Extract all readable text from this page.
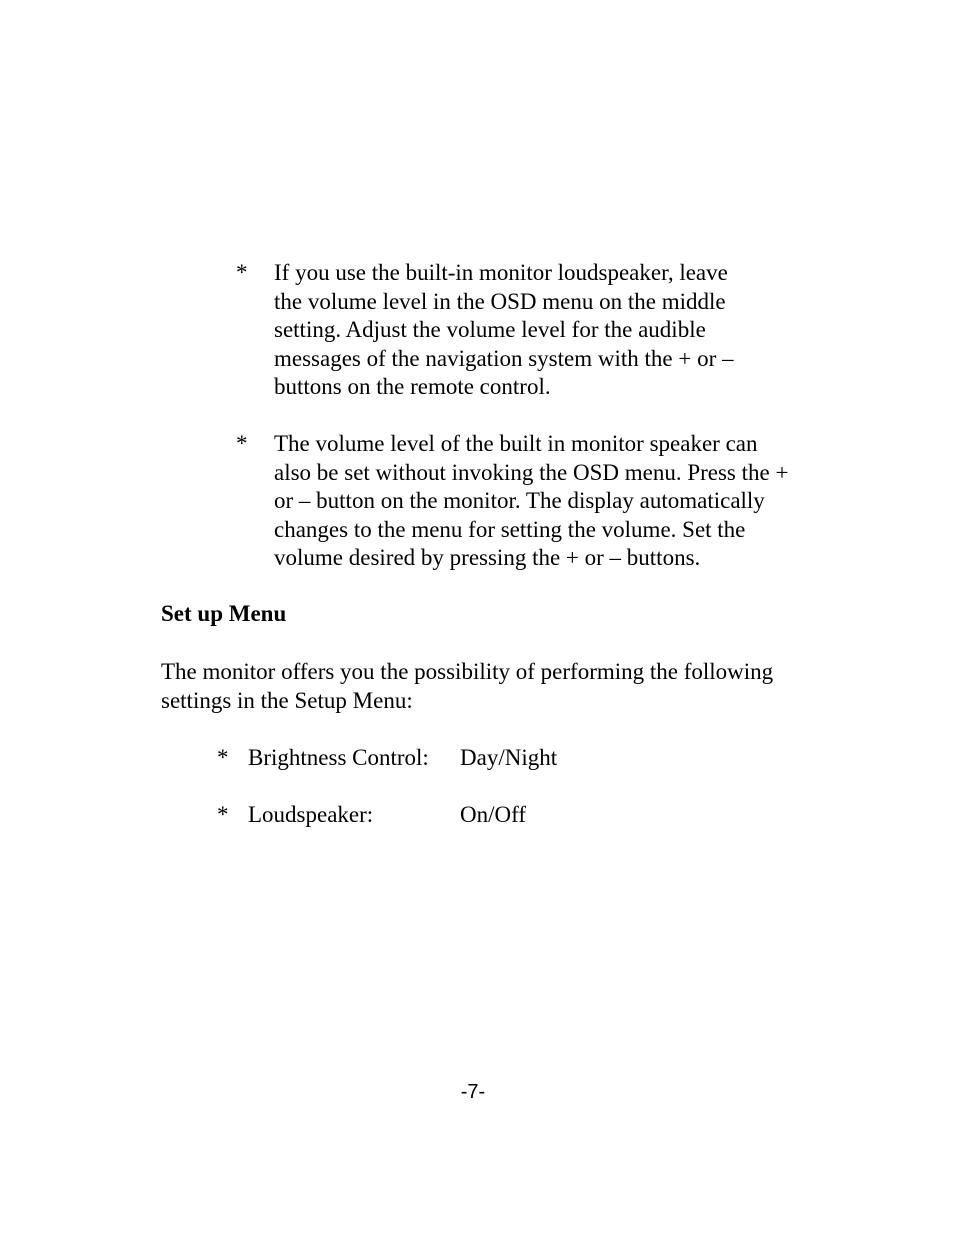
* If you use the built-in monitor loudspeaker, leave
the volume level in the OSD menu on the middle
setting. Adjust the volume level for the audible
messages of the navigation system with the + or –
buttons on the remote control.
* The volume level of the built in monitor speaker can
also be set without invoking the OSD menu. Press the +
or – button on the monitor. The display automatically
changes to the menu for setting the volume. Set the
volume desired by pressing the + or – buttons.
Set up Menu
The monitor offers you the possibility of performing the following
settings in the Setup Menu:
* Brightness Control: Day/Night
* Loudspeaker:	On/Off
-7-
